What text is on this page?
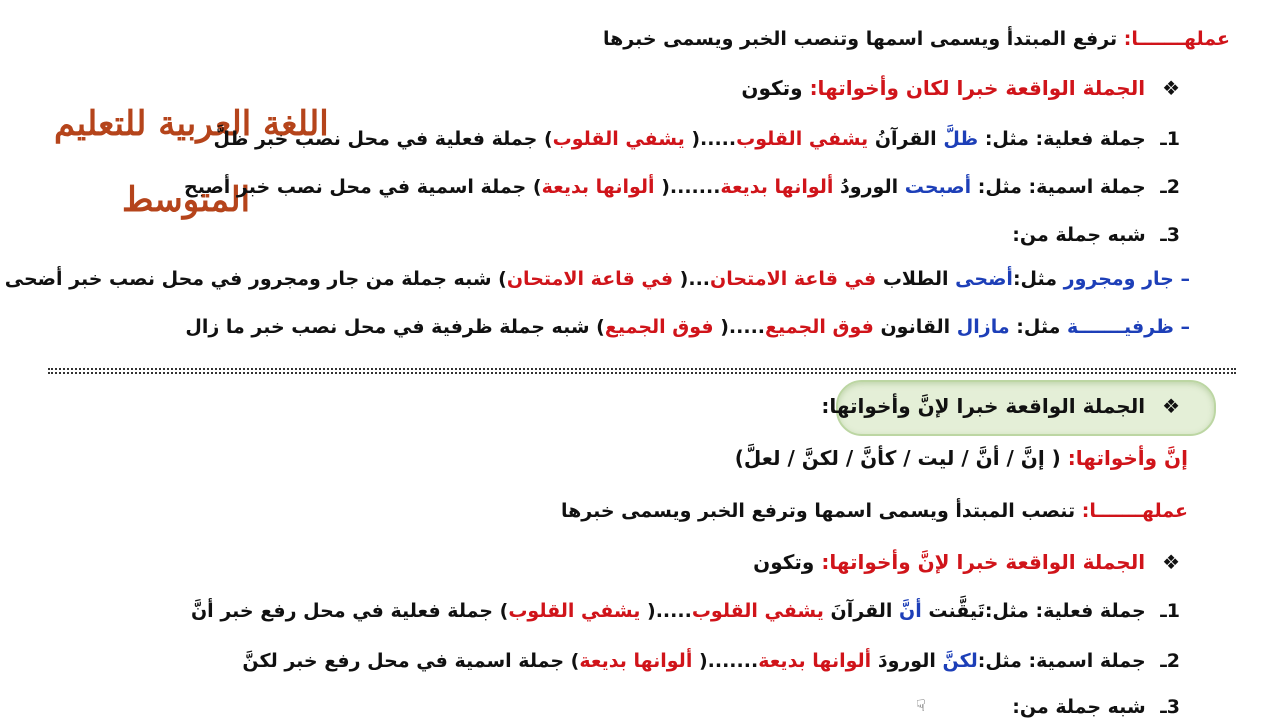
عملهـــــــا: ترفع المبتدأ ويسمى اسمها وتنصب الخبر ويسمى خبرها
❖ الجملة الواقعة خبرا لكان وأخواتها: وتكون
اللغة العربية للتعليم
المتوسط
1ـ جملة فعلية: مثل: ظلَّ القرآنُ يشفي القلوب.....( يشفي القلوب) جملة فعلية في محل نصب خبر ظلَّ
2ـ جملة اسمية: مثل: أصبحت الورودُ ألوانها بديعة.......( ألوانها بديعة) جملة اسمية في محل نصب خبر أصبح
3ـ شبه جملة من:
– جار ومجرور مثل:أضحى الطلاب في قاعة الامتحان...( في قاعة الامتحان) شبه جملة من جار ومجرور في محل نصب خبر أضحى
– ظرفيـــــــة مثل: مازال القانون فوق الجميع.....( فوق الجميع) شبه جملة ظرفية في محل نصب خبر ما زال
❖ الجملة الواقعة خبرا لإنَّ وأخواتها:
إنَّ وأخواتها: ( إنَّ / أنَّ / ليت / كأنَّ / لكنَّ / لعلَّ)
عملهـــــــا: تنصب المبتدأ ويسمى اسمها وترفع الخبر ويسمى خبرها
❖ الجملة الواقعة خبرا لإنَّ وأخواتها: وتكون
1ـ جملة فعلية: مثل:تَيقَّنت أنَّ القرآنَ يشفي القلوب.....( يشفي القلوب) جملة فعلية في محل رفع خبر أنَّ
2ـ جملة اسمية: مثل:لكنَّ الورودَ ألوانها بديعة.......( ألوانها بديعة) جملة اسمية في محل رفع خبر لكنَّ
3ـ شبه جملة من:
☟
